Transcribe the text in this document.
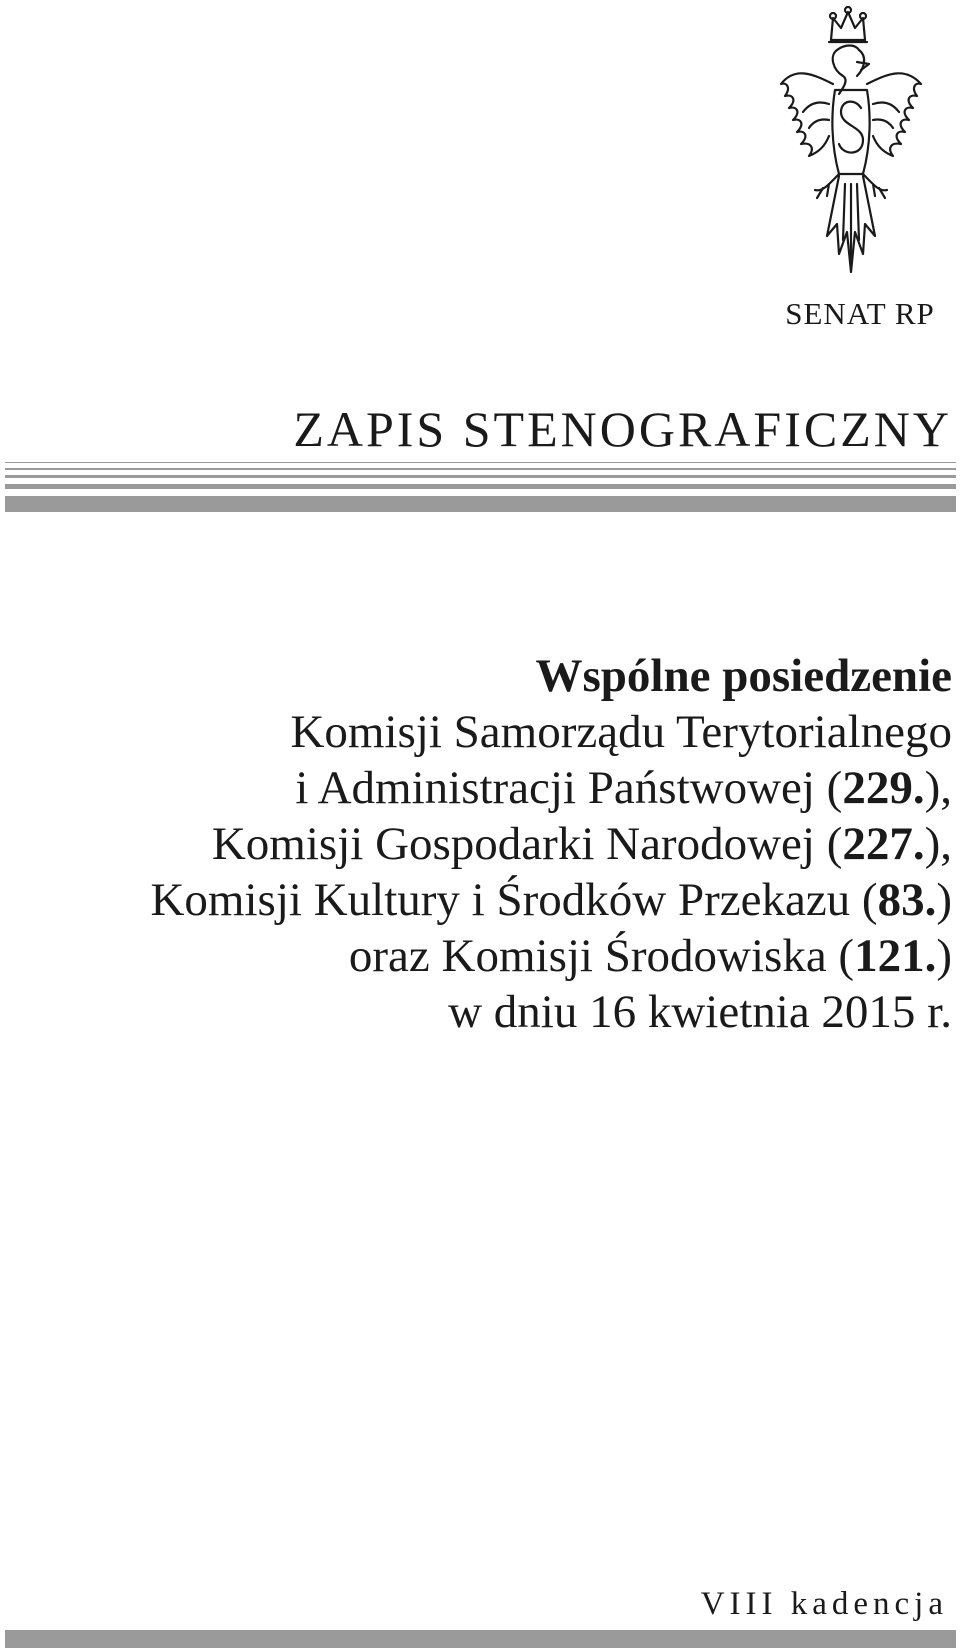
SENAT RP
ZAPIS STENOGRAFICZNY
Wspólne posiedzenie
Komisji Samorządu Terytorialnego
i Administracji Państwowej (229.),
Komisji Gospodarki Narodowej (227.),
Komisji Kultury i Środków Przekazu (83.)
oraz Komisji Środowiska (121.)
w dniu 16 kwietnia 2015 r.
VIII kadencja
